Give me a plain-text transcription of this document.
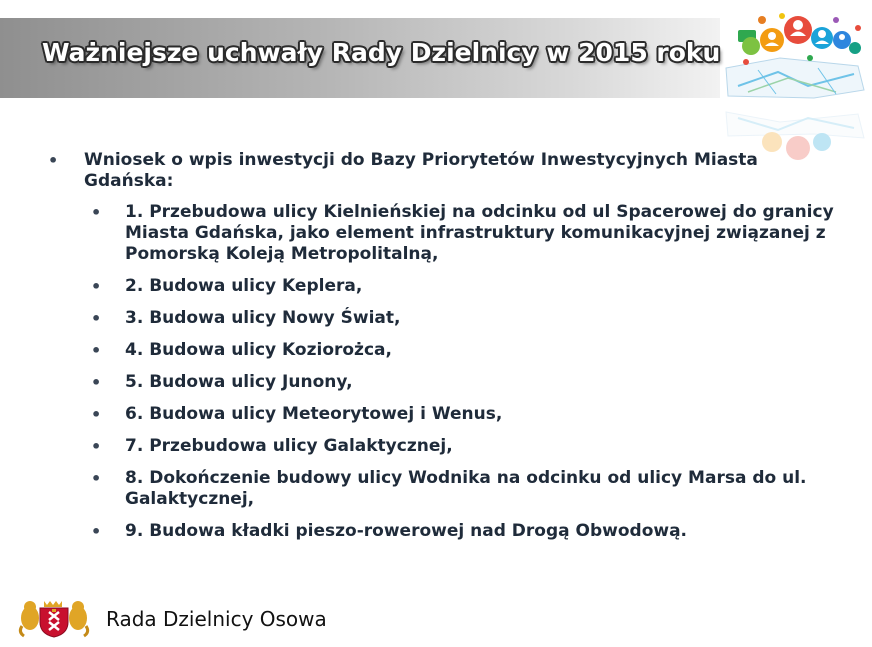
Ważniejsze uchwały Rady Dzielnicy w 2015 roku
• Wniosek o wpis inwestycji do Bazy Priorytetów Inwestycyjnych Miasta Gdańska:
• 1. Przebudowa ulicy Kielnieńskiej na odcinku od ul Spacerowej do granicy Miasta Gdańska, jako element infrastruktury komunikacyjnej związanej z Pomorską Koleją Metropolitalną,
• 2. Budowa ulicy Keplera,
• 3. Budowa ulicy Nowy Świat,
• 4. Budowa ulicy Koziorożca,
• 5. Budowa ulicy Junony,
• 6. Budowa ulicy Meteorytowej i Wenus,
• 7. Przebudowa ulicy Galaktycznej,
• 8. Dokończenie budowy ulicy Wodnika na odcinku od ulicy Marsa do ul. Galaktycznej,
• 9. Budowa kładki pieszo-rowerowej nad Drogą Obwodową.
Rada Dzielnicy Osowa
